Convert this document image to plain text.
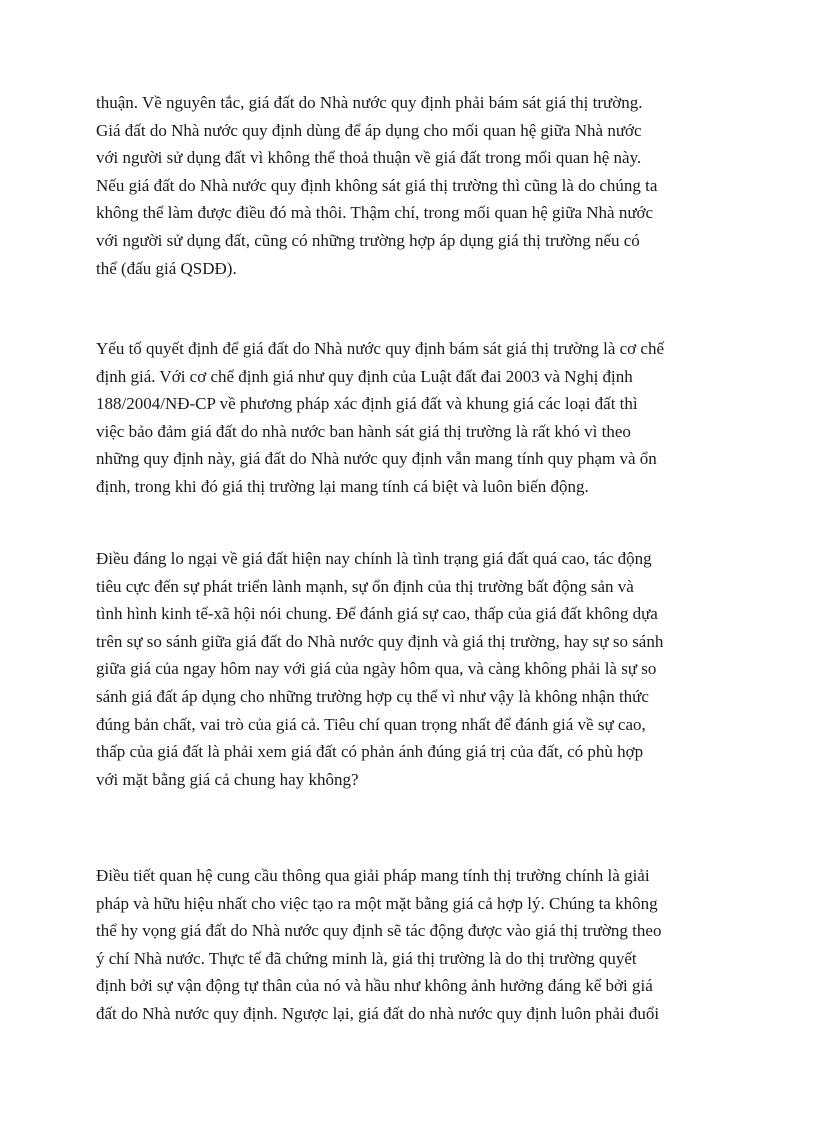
thuận. Về nguyên tắc, giá đất do Nhà nước quy định phải bám sát giá thị trường.
Giá đất do Nhà nước quy định dùng để áp dụng cho mối quan hệ giữa Nhà nước
với người sử dụng đất vì không thể thoả thuận về giá đất trong mối quan hệ này.
Nếu giá đất do Nhà nước quy định không sát giá thị trường thì cũng là do chúng ta
không thể làm được điều đó mà thôi. Thậm chí, trong mối quan hệ giữa Nhà nước
với người sử dụng đất, cũng có những trường hợp áp dụng giá thị trường nếu có
thể (đấu giá QSDĐ).

Yếu tố quyết định để giá đất do Nhà nước quy định bám sát giá thị trường là cơ chế
định giá. Với cơ chế định giá như quy định của Luật đất đai 2003 và Nghị định
188/2004/NĐ-CP về phương pháp xác định giá đất và khung giá các loại đất thì
việc bảo đảm giá đất do nhà nước ban hành sát giá thị trường là rất khó vì theo
những quy định này, giá đất do Nhà nước quy định vẫn mang tính quy phạm và ổn
định, trong khi đó giá thị trường lại mang tính cá biệt và luôn biến động.

Điều đáng lo ngại về giá đất hiện nay chính là tình trạng giá đất quá cao, tác động
tiêu cực đến sự phát triển lành mạnh, sự ổn định của thị trường bất động sản và
tình hình kinh tế-xã hội nói chung. Để đánh giá sự cao, thấp của giá đất không dựa
trên sự so sánh giữa giá đất do Nhà nước quy định và giá thị trường, hay sự so sánh
giữa giá của ngay hôm nay với giá của ngày hôm qua, và càng không phải là sự so
sánh giá đất áp dụng cho những trường hợp cụ thể vì như vậy là không nhận thức
đúng bản chất, vai trò của giá cả. Tiêu chí quan trọng nhất để đánh giá về sự cao,
thấp của giá đất là phải xem giá đất có phản ánh đúng giá trị của đất, có phù hợp
với mặt bằng giá cả chung hay không?

Điều tiết quan hệ cung cầu thông qua giải pháp mang tính thị trường chính là giải
pháp và hữu hiệu nhất cho việc tạo ra một mặt bằng giá cả hợp lý. Chúng ta không
thể hy vọng giá đất do Nhà nước quy định sẽ tác động được vào giá thị trường theo
ý chí Nhà nước. Thực tế đã chứng minh là, giá thị trường là do thị trường quyết
định bởi sự vận động tự thân của nó và hầu như không ảnh hưởng đáng kể bởi giá
đất do Nhà nước quy định. Ngược lại, giá đất do nhà nước quy định luôn phải đuổi
